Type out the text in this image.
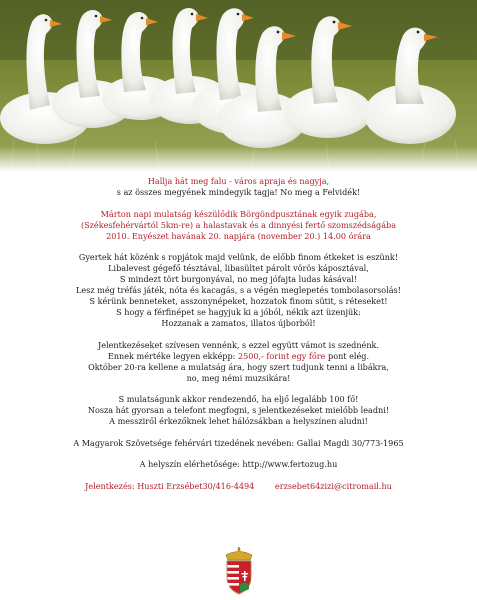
Hallja hát meg falu - város apraja és nagyja,
s az összes megyének mindegyik tagja! No meg a Felvidék!
Márton napi mulatság készülődik Börgöndpusztának egyik zugába,
(Székesfehérvártól 5km-re) a halastavak és a dinnyési fertő szomszédságába
2010. Enyészet havának 20. napjára (november 20.) 14.00 órára
Gyertek hát közénk s ropjátok majd velünk, de előbb finom étkeket is eszünk!
Libalevest gégefő tésztával, libasültet párolt vörös káposztával,
S mindezt tört burgonyával, no meg jófajta ludas kásával!
Lesz még tréfás játék, nóta és kacagás, s a végén meglepetés tombolasorsolás!
S kérünk benneteket, asszonynépeket, hozzatok finom sütit, s réteseket!
S hogy a férfinépet se hagyjuk ki a jóból, nékik azt üzenjük:
Hozzanak a zamatos, illatos újborból!
Jelentkezéseket szívesen vennénk, s ezzel együtt vámot is szednénk.
Ennek mértéke legyen ekképp: 2500,- forint egy főre pont elég.
Október 20-ra kellene a mulatság ára, hogy szert tudjunk tenni a libákra,
no, meg némi muzsikára!
S mulatságunk akkor rendezendő, ha eljő legalább 100 fő!
Nosza hát gyorsan a telefont megfogni, s jelentkezéseket mielőbb leadni!
A messziről érkezőknek lehet hálózsákban a helyszínen aludni!
A Magyarok Szövetsége fehérvári tizedének nevében: Gallai Magdi 30/773-1965
A helyszín elérhetősége: http://www.fertozug.hu
Jelentkezés: Huszti Erzsébet30/416-4494	erzsebet64zizi@citromail.hu
